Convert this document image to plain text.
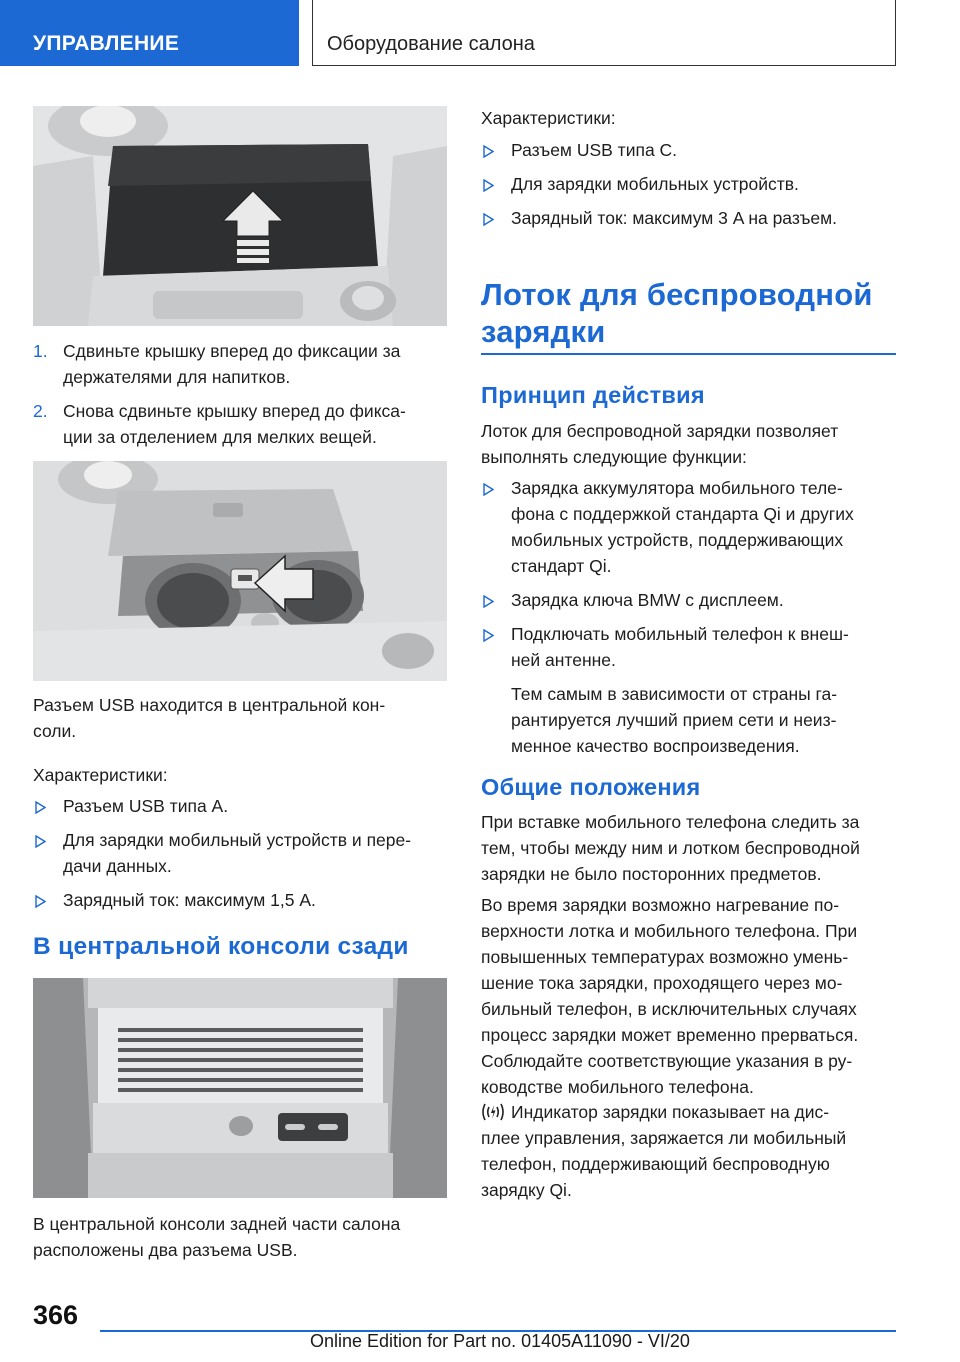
УПРАВЛЕНИЕ	Оборудование салона
1. Сдвиньте крышку вперед до фиксации за
держателями для напитков.
2. Снова сдвиньте крышку вперед до фикса-
ции за отделением для мелких вещей.
Разъем USB находится в центральной кон-
соли.
Характеристики:
Разъем USB типа A.
Для зарядки мобильный устройств и пере-
дачи данных.
Зарядный ток: максимум 1,5 A.
В центральной консоли сзади
В центральной консоли задней части салона
расположены два разъема USB.
Характеристики:
Разъем USB типа C.
Для зарядки мобильных устройств.
Зарядный ток: максимум 3 A на разъем.
Лоток для беспроводной
зарядки
Принцип действия
Лоток для беспроводной зарядки позволяет
выполнять следующие функции:
Зарядка аккумулятора мобильного теле-
фона с поддержкой стандарта Qi и других
мобильных устройств, поддерживающих
стандарт Qi.
Зарядка ключа BMW с дисплеем.
Подключать мобильный телефон к внеш-
ней антенне.
Тем самым в зависимости от страны га-
рантируется лучший прием сети и неиз-
менное качество воспроизведения.
Общие положения
При вставке мобильного телефона следить за
тем, чтобы между ним и лотком беспроводной
зарядки не было посторонних предметов.
Во время зарядки возможно нагревание по-
верхности лотка и мобильного телефона. При
повышенных температурах возможно умень-
шение тока зарядки, проходящего через мо-
бильный телефон, в исключительных случаях
процесс зарядки может временно прерваться.
Соблюдайте соответствующие указания в ру-
ководстве мобильного телефона.
Индикатор зарядки показывает на дис-
плее управления, заряжается ли мобильный
телефон, поддерживающий беспроводную
зарядку Qi.
366
Online Edition for Part no. 01405A11090 - VI/20
